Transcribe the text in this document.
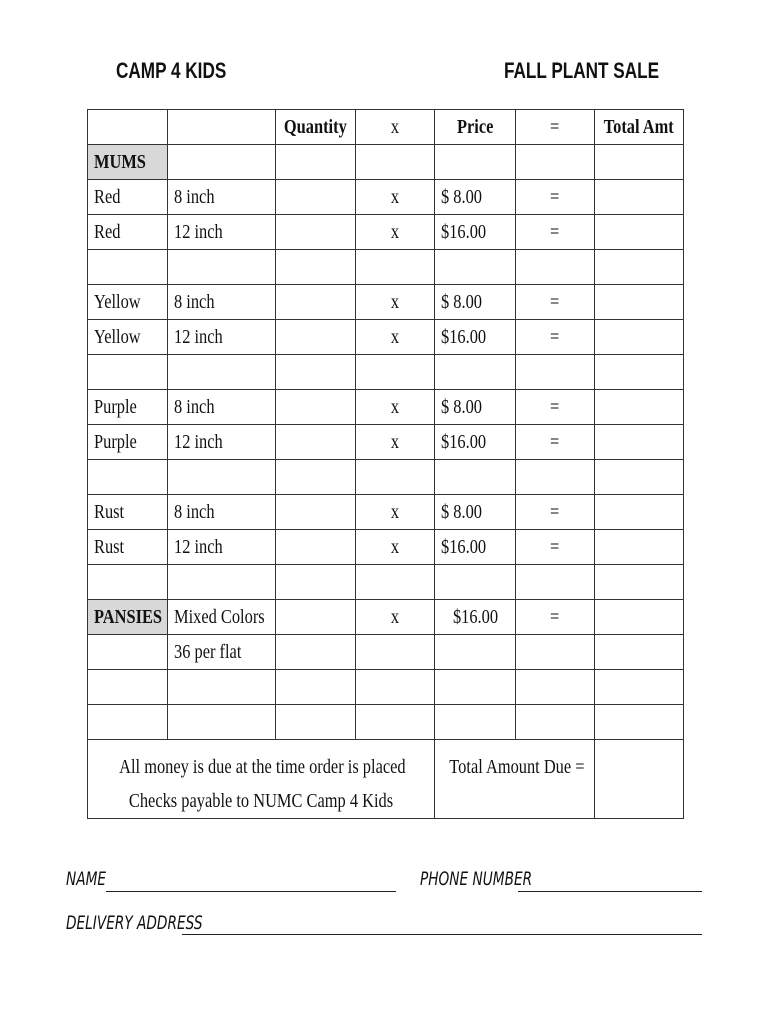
CAMP 4 KIDS	FALL PLANT SALE
		Quantity	x	Price	=	Total Amt
MUMS						
Red	8 inch		x	$ 8.00	=	
Red	12 inch		x	$16.00	=	

Yellow	8 inch		x	$ 8.00	=	
Yellow	12 inch		x	$16.00	=	

Purple	8 inch		x	$ 8.00	=	
Purple	12 inch		x	$16.00	=	

Rust	8 inch		x	$ 8.00	=	
Rust	12 inch		x	$16.00	=	

PANSIES	Mixed Colors		x	$16.00	=	
	36 per flat					

All money is due at the time order is placed
Checks payable to NUMC Camp 4 Kids				Total Amount Due =		

NAME	PHONE NUMBER
DELIVERY ADDRESS
